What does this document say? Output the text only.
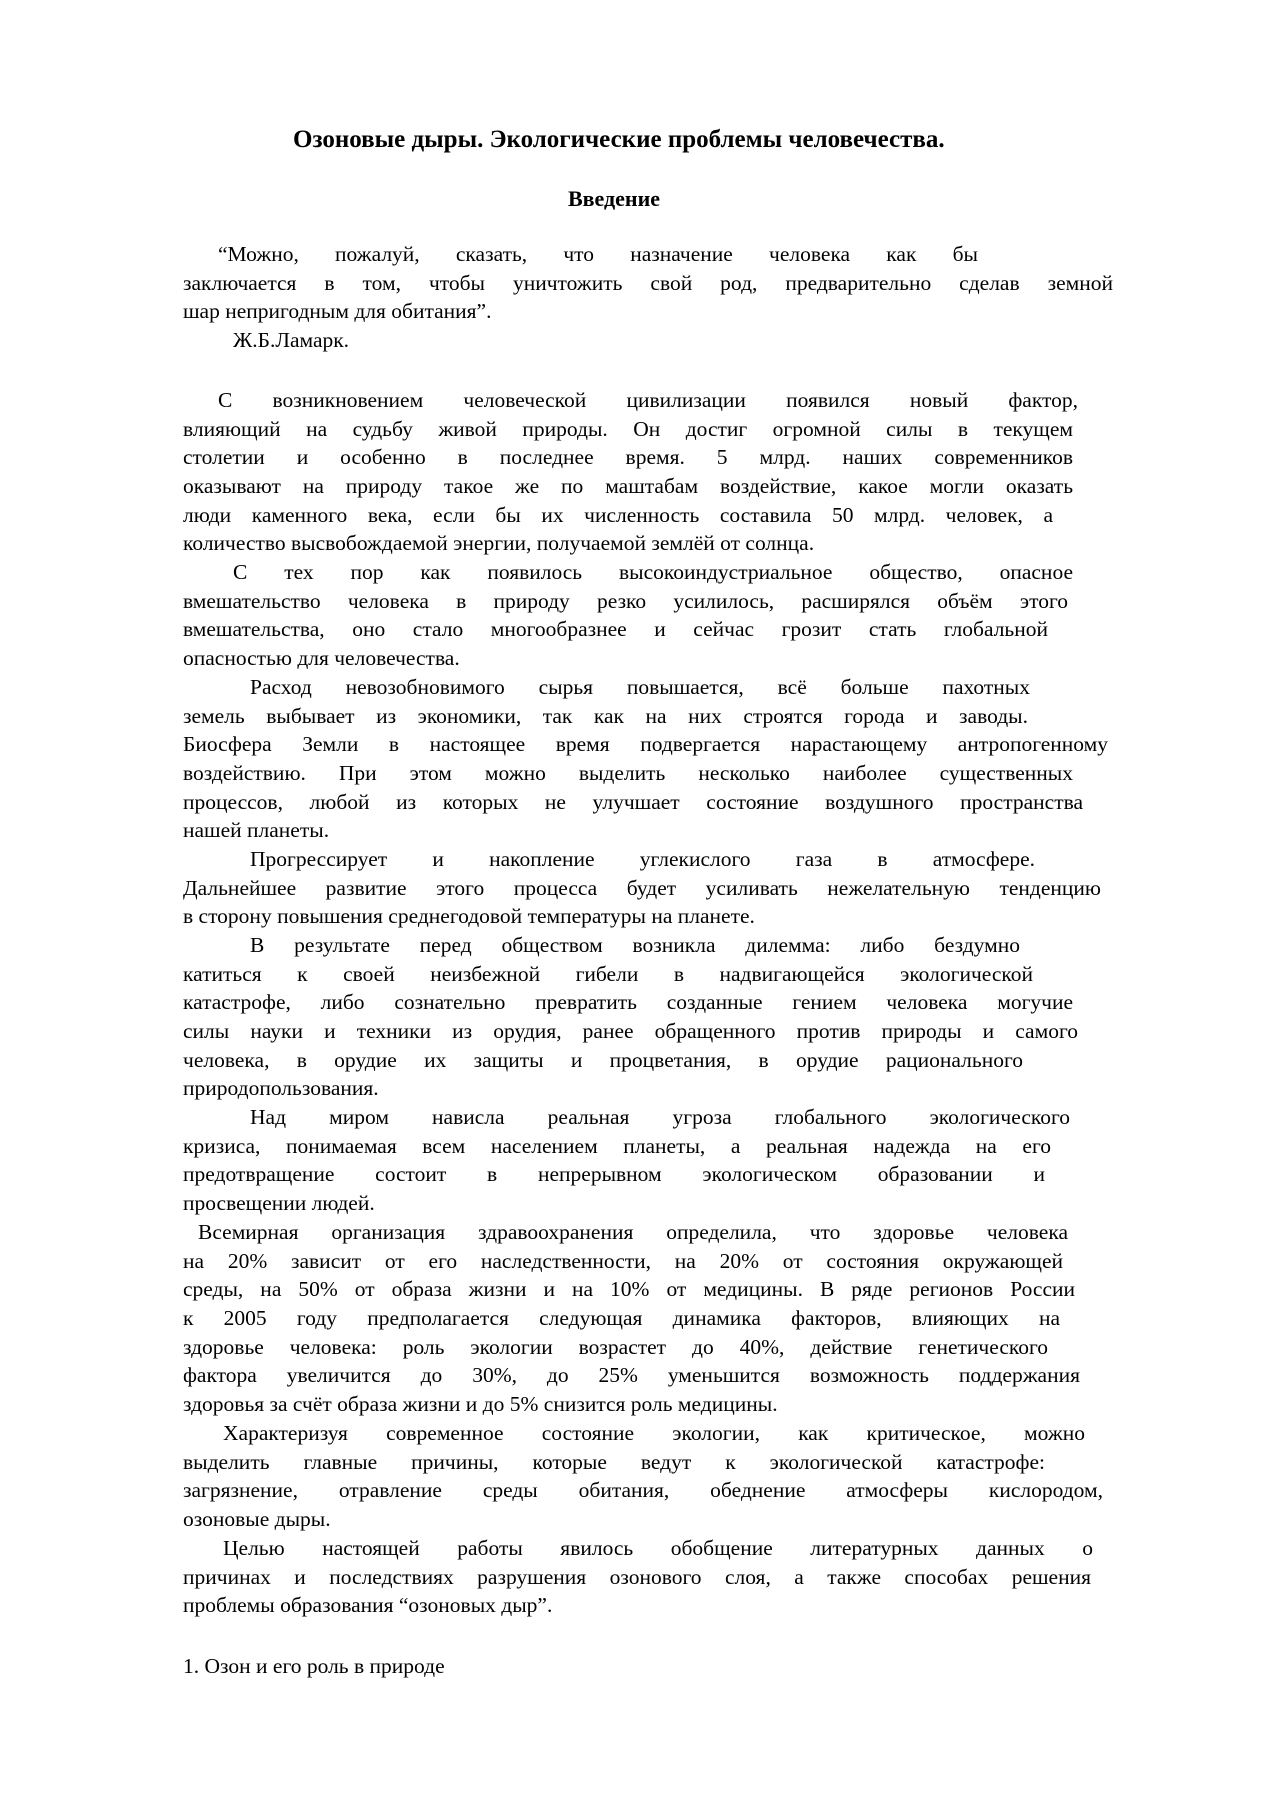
Озоновые дыры. Экологические проблемы человечества.
Введение
“Можно, пожалуй, сказать, что назначение человека как бы
заключается в том, чтобы уничтожить свой род, предварительно сделав земной
шар непригодным для обитания”.
Ж.Б.Ламарк.
С возникновением человеческой цивилизации появился новый фактор,
влияющий на судьбу живой природы. Он достиг огромной силы в текущем
столетии и особенно в последнее время. 5 млрд. наших современников
оказывают на природу такое же по маштабам воздействие, какое могли оказать
люди каменного века, если бы их численность составила 50 млрд. человек, а
количество высвобождаемой энергии, получаемой землёй от солнца.
С тех пор как появилось высокоиндустриальное общество, опасное
вмешательство человека в природу резко усилилось, расширялся объём этого
вмешательства, оно стало многообразнее и сейчас грозит стать глобальной
опасностью для человечества.
Расход невозобновимого сырья повышается, всё больше пахотных
земель выбывает из экономики, так как на них строятся города и заводы.
Биосфера Земли в настоящее время подвергается нарастающему антропогенному
воздействию. При этом можно выделить несколько наиболее существенных
процессов, любой из которых не улучшает состояние воздушного пространства
нашей планеты.
Прогрессирует и накопление углекислого газа в атмосфере.
Дальнейшее развитие этого процесса будет усиливать нежелательную тенденцию
в сторону повышения среднегодовой температуры на планете.
В результате перед обществом возникла дилемма: либо бездумно
катиться к своей неизбежной гибели в надвигающейся экологической
катастрофе, либо сознательно превратить созданные гением человека могучие
силы науки и техники из орудия, ранее обращенного против природы и самого
человека, в орудие их защиты и процветания, в орудие рационального
природопользования.
Над миром нависла реальная угроза глобального экологического
кризиса, понимаемая всем населением планеты, а реальная надежда на его
предотвращение состоит в непрерывном экологическом образовании и
просвещении людей.
Всемирная организация здравоохранения определила, что здоровье человека
на 20% зависит от его наследственности, на 20% от состояния окружающей
среды, на 50% от образа жизни и на 10% от медицины. В ряде регионов России
к 2005 году предполагается следующая динамика факторов, влияющих на
здоровье человека: роль экологии возрастет до 40%, действие генетического
фактора увеличится до 30%, до 25% уменьшится возможность поддержания
здоровья за счёт образа жизни и до 5% снизится роль медицины.
Характеризуя современное состояние экологии, как критическое, можно
выделить главные причины, которые ведут к экологической катастрофе:
загрязнение, отравление среды обитания, обеднение атмосферы кислородом,
озоновые дыры.
Целью настоящей работы явилось обобщение литературных данных о
причинах и последствиях разрушения озонового слоя, а также способах решения
проблемы образования “озоновых дыр”.
1. Озон и его роль в природе
